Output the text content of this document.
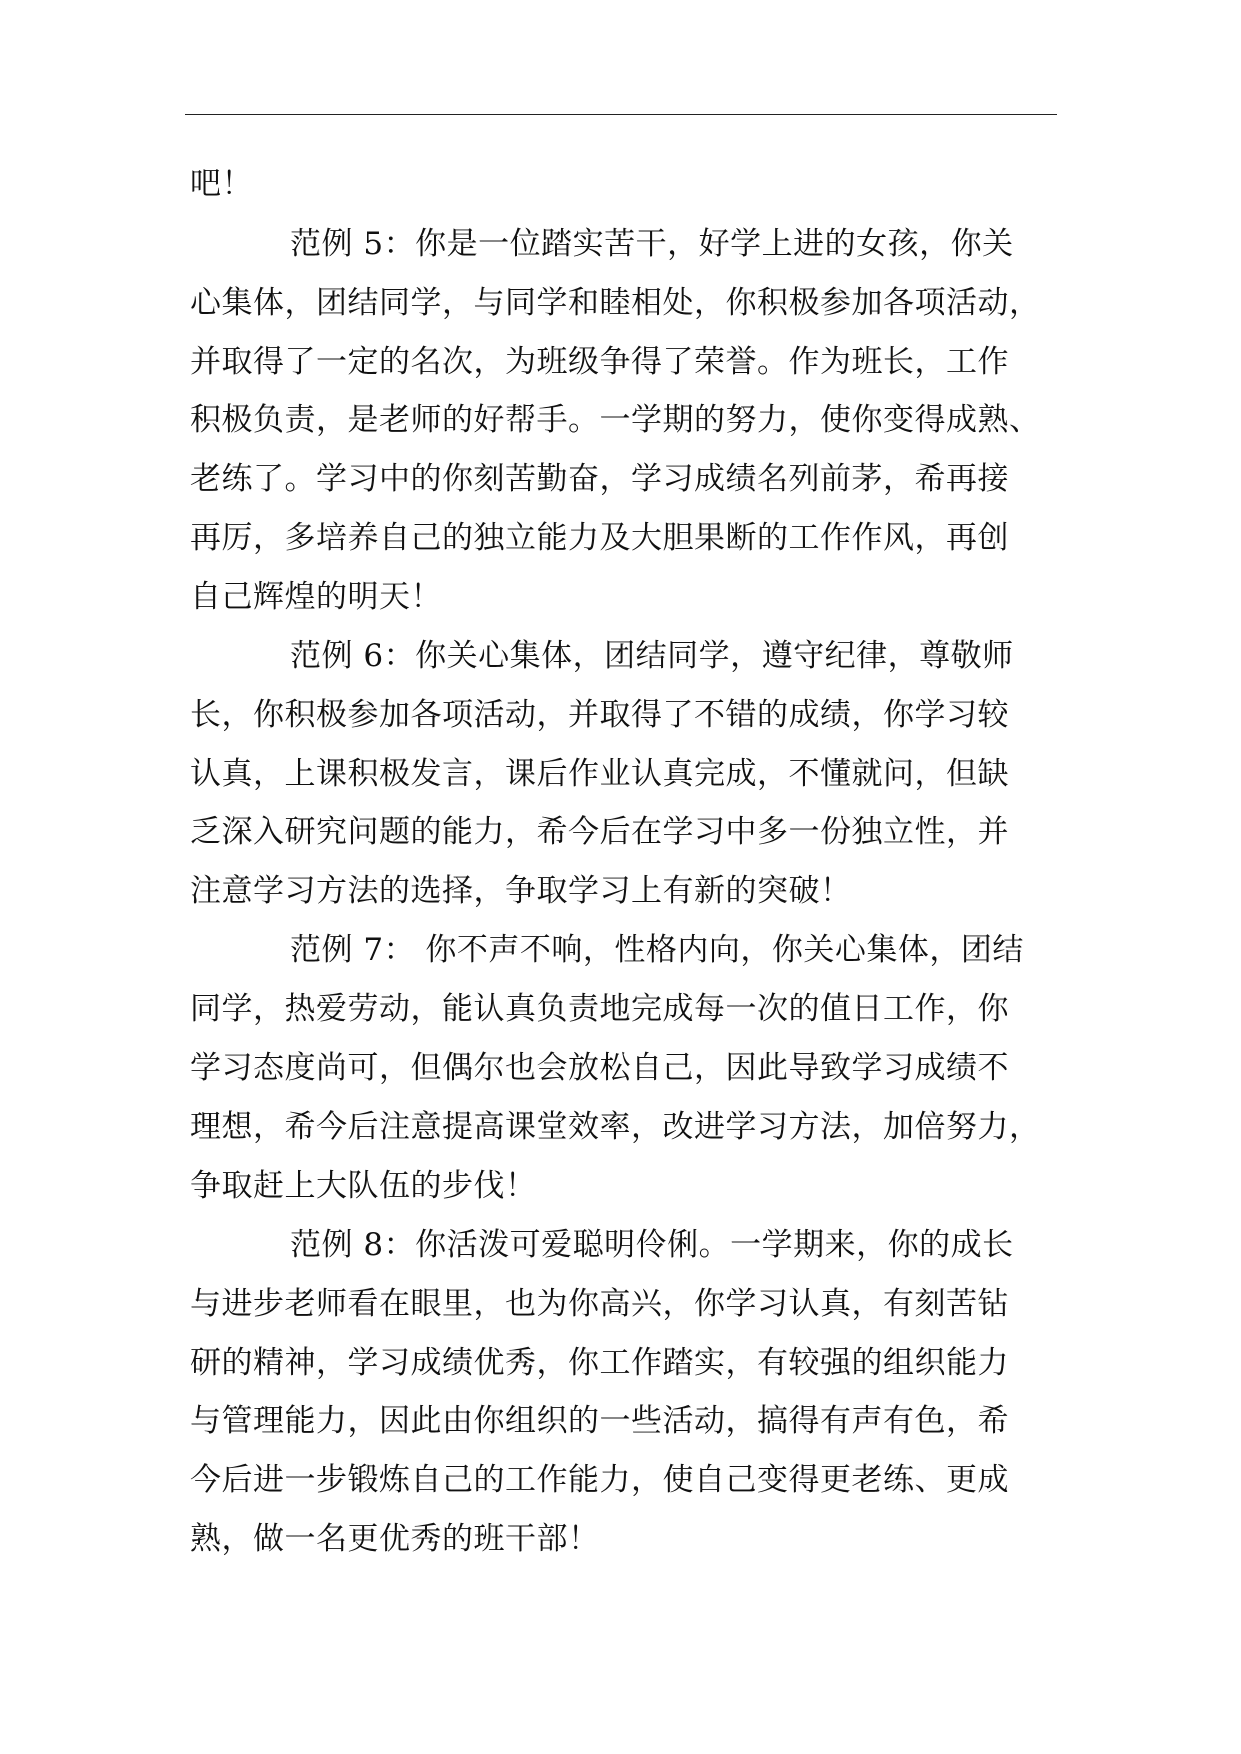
吧！
范例 5：你是一位踏实苦干，好学上进的女孩，你关
心集体，团结同学，与同学和睦相处，你积极参加各项活动，
并取得了一定的名次，为班级争得了荣誉。作为班长，工作
积极负责，是老师的好帮手。一学期的努力，使你变得成熟、
老练了。学习中的你刻苦勤奋，学习成绩名列前茅，希再接
再厉，多培养自己的独立能力及大胆果断的工作作风，再创
自己辉煌的明天！
范例 6：你关心集体，团结同学，遵守纪律，尊敬师
长，你积极参加各项活动，并取得了不错的成绩，你学习较
认真，上课积极发言，课后作业认真完成，不懂就问，但缺
乏深入研究问题的能力，希今后在学习中多一份独立性，并
注意学习方法的选择，争取学习上有新的突破！
范例 7： 你不声不响，性格内向，你关心集体，团结
同学，热爱劳动，能认真负责地完成每一次的值日工作，你
学习态度尚可，但偶尔也会放松自己，因此导致学习成绩不
理想，希今后注意提高课堂效率，改进学习方法，加倍努力，
争取赶上大队伍的步伐！
范例 8：你活泼可爱聪明伶俐。一学期来，你的成长
与进步老师看在眼里，也为你高兴，你学习认真，有刻苦钻
研的精神，学习成绩优秀，你工作踏实，有较强的组织能力
与管理能力，因此由你组织的一些活动，搞得有声有色，希
今后进一步锻炼自己的工作能力，使自己变得更老练、更成
熟，做一名更优秀的班干部！
